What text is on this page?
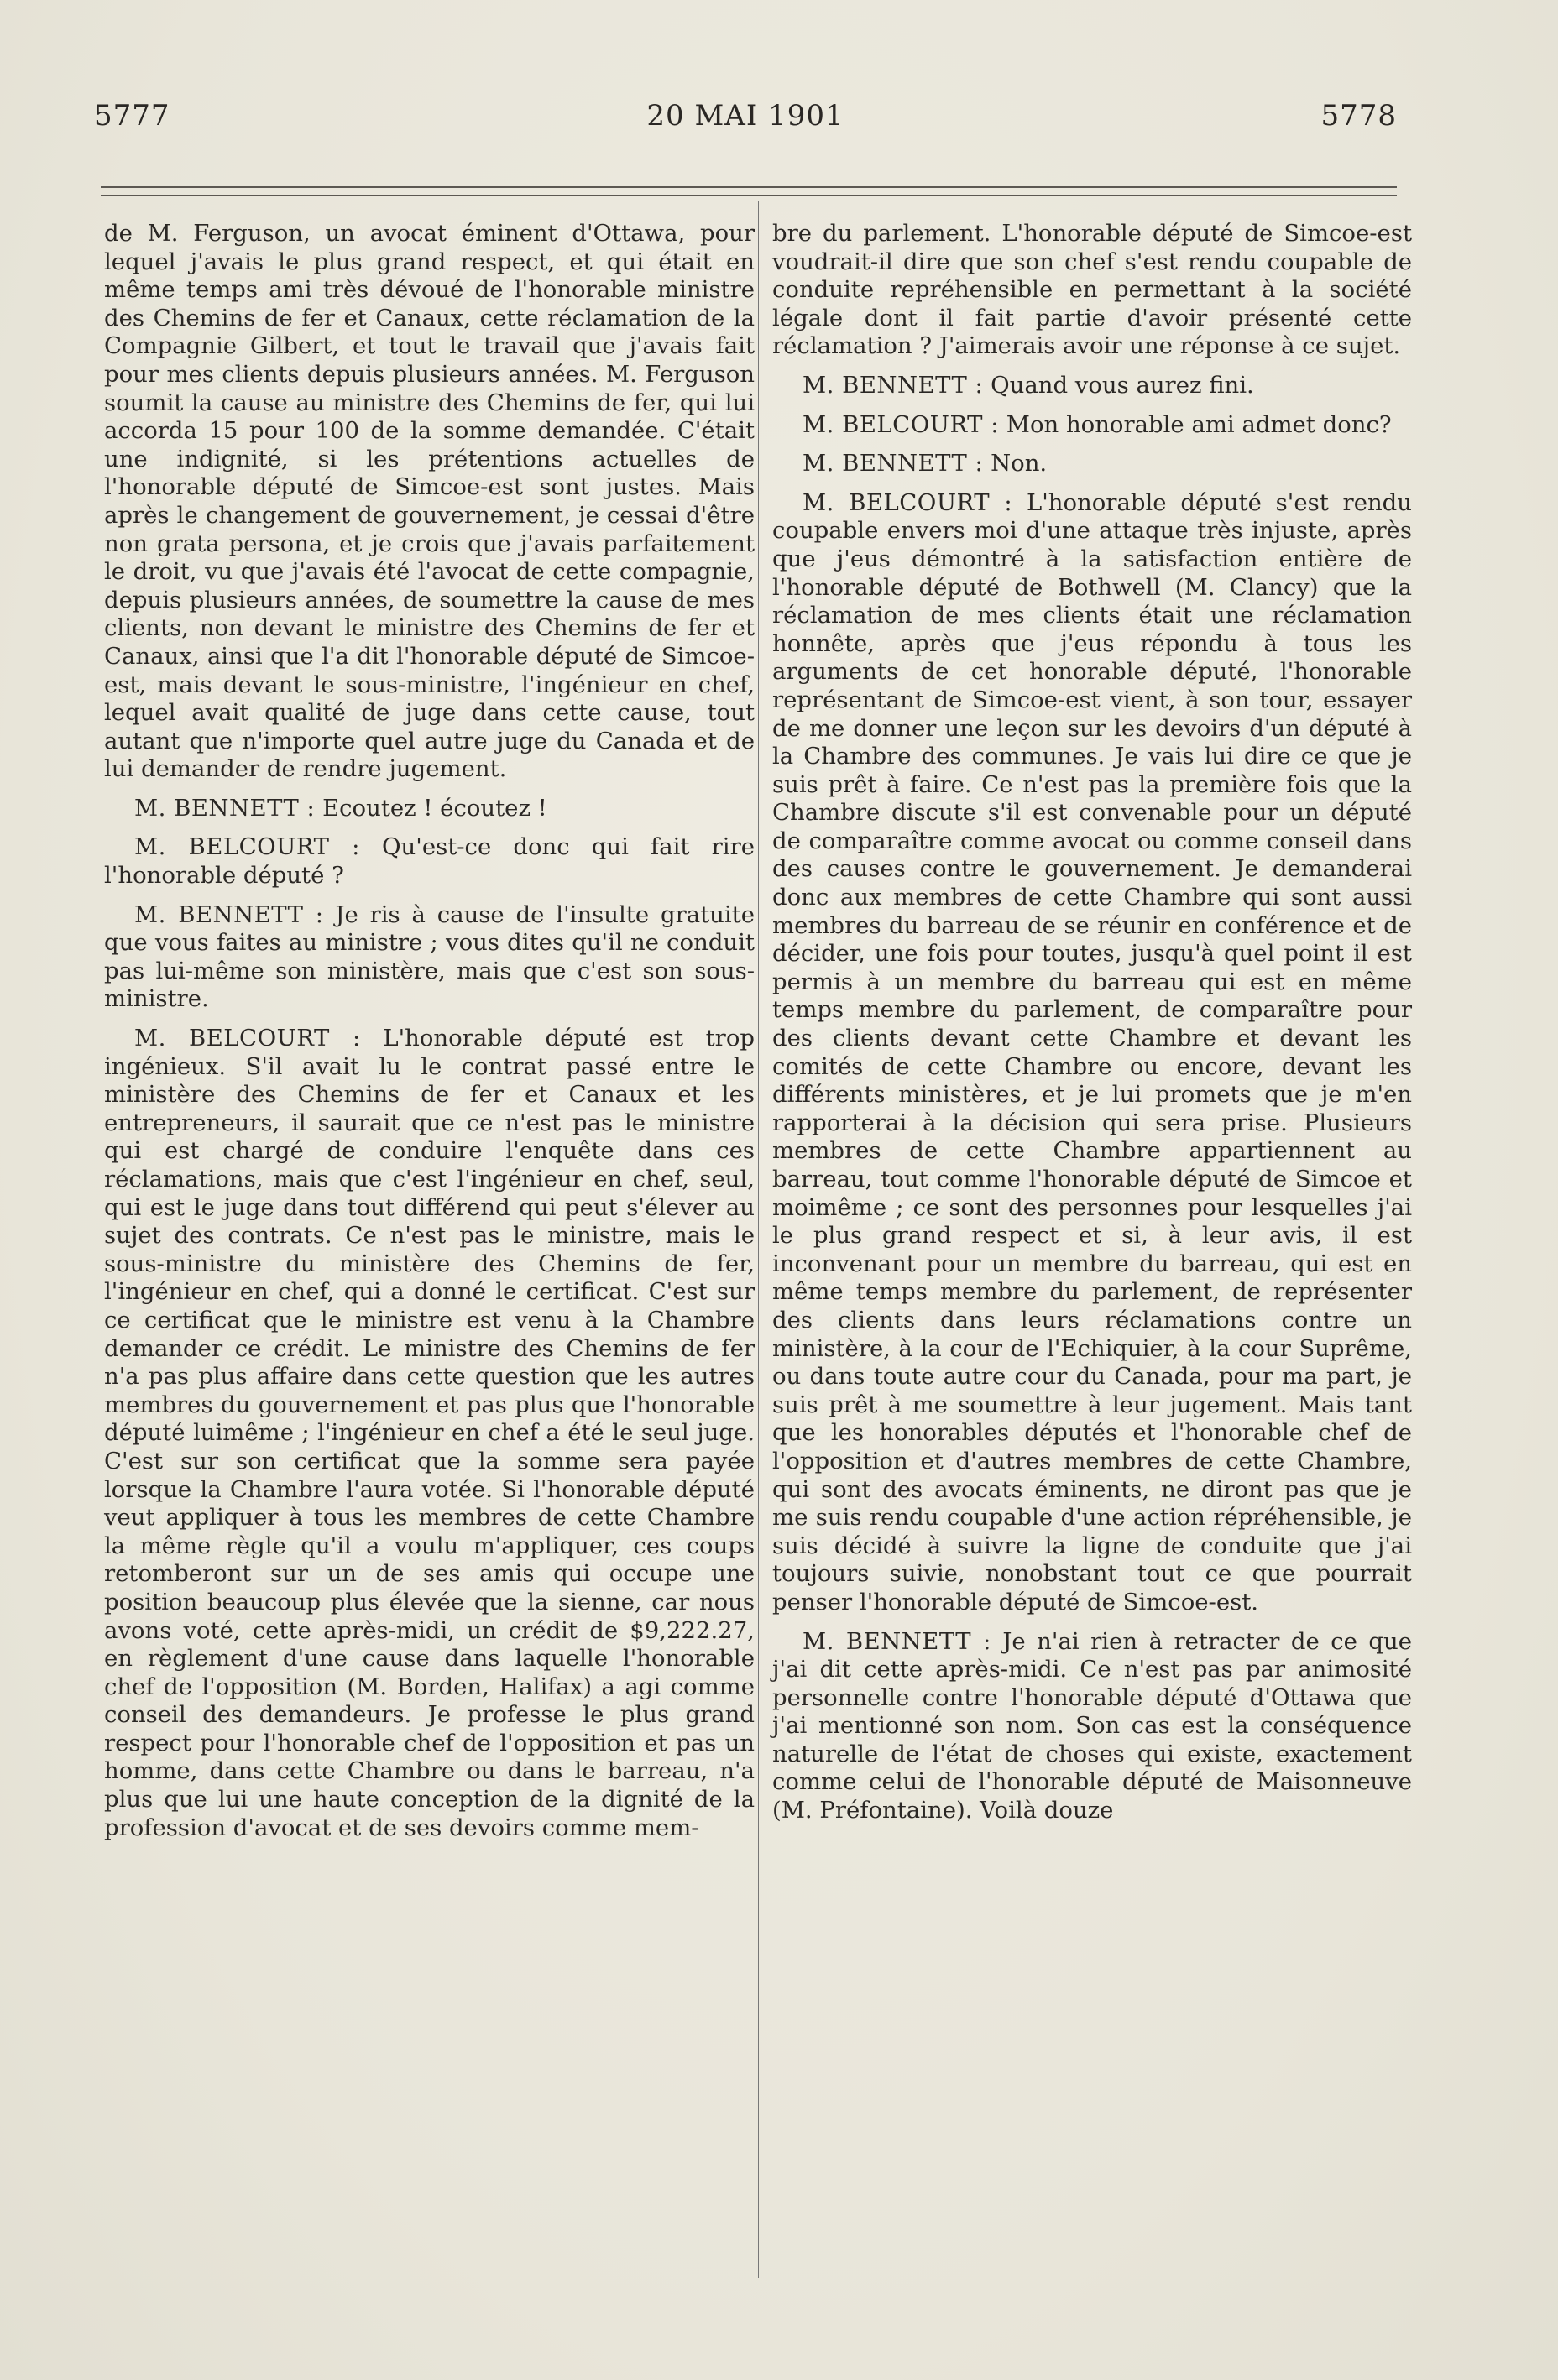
5777	20 MAI 1901	5778

de M. Ferguson, un avocat éminent d'Ottawa, pour lequel j'avais le plus grand respect, et qui était en même temps ami très dévoué de l'honorable ministre des Chemins de fer et Canaux, cette réclamation de la Compagnie Gilbert, et tout le travail que j'avais fait pour mes clients depuis plusieurs années. M. Ferguson soumit la cause au ministre des Chemins de fer, qui lui accorda 15 pour 100 de la somme demandée. C'était une indignité, si les prétentions actuelles de l'honorable député de Simcoe-est sont justes. Mais après le changement de gouvernement, je cessai d'être non grata persona, et je crois que j'avais parfaitement le droit, vu que j'avais été l'avocat de cette compagnie, depuis plusieurs années, de soumettre la cause de mes clients, non devant le ministre des Chemins de fer et Canaux, ainsi que l'a dit l'honorable député de Simcoe-est, mais devant le sous-ministre, l'ingénieur en chef, lequel avait qualité de juge dans cette cause, tout autant que n'importe quel autre juge du Canada et de lui demander de rendre jugement.

M. BENNETT : Ecoutez ! écoutez !

M. BELCOURT : Qu'est-ce donc qui fait rire l'honorable député ?

M. BENNETT : Je ris à cause de l'insulte gratuite que vous faites au ministre ; vous dites qu'il ne conduit pas lui-même son ministère, mais que c'est son sous-ministre.

M. BELCOURT : L'honorable député est trop ingénieux. S'il avait lu le contrat passé entre le ministère des Chemins de fer et Canaux et les entrepreneurs, il saurait que ce n'est pas le ministre qui est chargé de conduire l'enquête dans ces réclamations, mais que c'est l'ingénieur en chef, seul, qui est le juge dans tout différend qui peut s'élever au sujet des contrats. Ce n'est pas le ministre, mais le sous-ministre du ministère des Chemins de fer, l'ingénieur en chef, qui a donné le certificat. C'est sur ce certificat que le ministre est venu à la Chambre demander ce crédit. Le ministre des Chemins de fer n'a pas plus affaire dans cette question que les autres membres du gouvernement et pas plus que l'honorable député luimême ; l'ingénieur en chef a été le seul juge. C'est sur son certificat que la somme sera payée lorsque la Chambre l'aura votée. Si l'honorable député veut appliquer à tous les membres de cette Chambre la même règle qu'il a voulu m'appliquer, ces coups retomberont sur un de ses amis qui occupe une position beaucoup plus élevée que la sienne, car nous avons voté, cette après-midi, un crédit de $9,222.27, en règlement d'une cause dans laquelle l'honorable chef de l'opposition (M. Borden, Halifax) a agi comme conseil des demandeurs. Je professe le plus grand respect pour l'honorable chef de l'opposition et pas un homme, dans cette Chambre ou dans le barreau, n'a plus que lui une haute conception de la dignité de la profession d'avocat et de ses devoirs comme mem-

bre du parlement. L'honorable député de Simcoe-est voudrait-il dire que son chef s'est rendu coupable de conduite repréhensible en permettant à la société légale dont il fait partie d'avoir présenté cette réclamation ? J'aimerais avoir une réponse à ce sujet.

M. BENNETT : Quand vous aurez fini.

M. BELCOURT : Mon honorable ami admet donc?

M. BENNETT : Non.

M. BELCOURT : L'honorable député s'est rendu coupable envers moi d'une attaque très injuste, après que j'eus démontré à la satisfaction entière de l'honorable député de Bothwell (M. Clancy) que la réclamation de mes clients était une réclamation honnête, après que j'eus répondu à tous les arguments de cet honorable député, l'honorable représentant de Simcoe-est vient, à son tour, essayer de me donner une leçon sur les devoirs d'un député à la Chambre des communes. Je vais lui dire ce que je suis prêt à faire. Ce n'est pas la première fois que la Chambre discute s'il est convenable pour un député de comparaître comme avocat ou comme conseil dans des causes contre le gouvernement. Je demanderai donc aux membres de cette Chambre qui sont aussi membres du barreau de se réunir en conférence et de décider, une fois pour toutes, jusqu'à quel point il est permis à un membre du barreau qui est en même temps membre du parlement, de comparaître pour des clients devant cette Chambre et devant les comités de cette Chambre ou encore, devant les différents ministères, et je lui promets que je m'en rapporterai à la décision qui sera prise. Plusieurs membres de cette Chambre appartiennent au barreau, tout comme l'honorable député de Simcoe et moimême ; ce sont des personnes pour lesquelles j'ai le plus grand respect et si, à leur avis, il est inconvenant pour un membre du barreau, qui est en même temps membre du parlement, de représenter des clients dans leurs réclamations contre un ministère, à la cour de l'Echiquier, à la cour Suprême, ou dans toute autre cour du Canada, pour ma part, je suis prêt à me soumettre à leur jugement. Mais tant que les honorables députés et l'honorable chef de l'opposition et d'autres membres de cette Chambre, qui sont des avocats éminents, ne diront pas que je me suis rendu coupable d'une action répréhensible, je suis décidé à suivre la ligne de conduite que j'ai toujours suivie, nonobstant tout ce que pourrait penser l'honorable député de Simcoe-est.

M. BENNETT : Je n'ai rien à retracter de ce que j'ai dit cette après-midi. Ce n'est pas par animosité personnelle contre l'honorable député d'Ottawa que j'ai mentionné son nom. Son cas est la conséquence naturelle de l'état de choses qui existe, exactement comme celui de l'honorable député de Maisonneuve (M. Préfontaine). Voilà douze
